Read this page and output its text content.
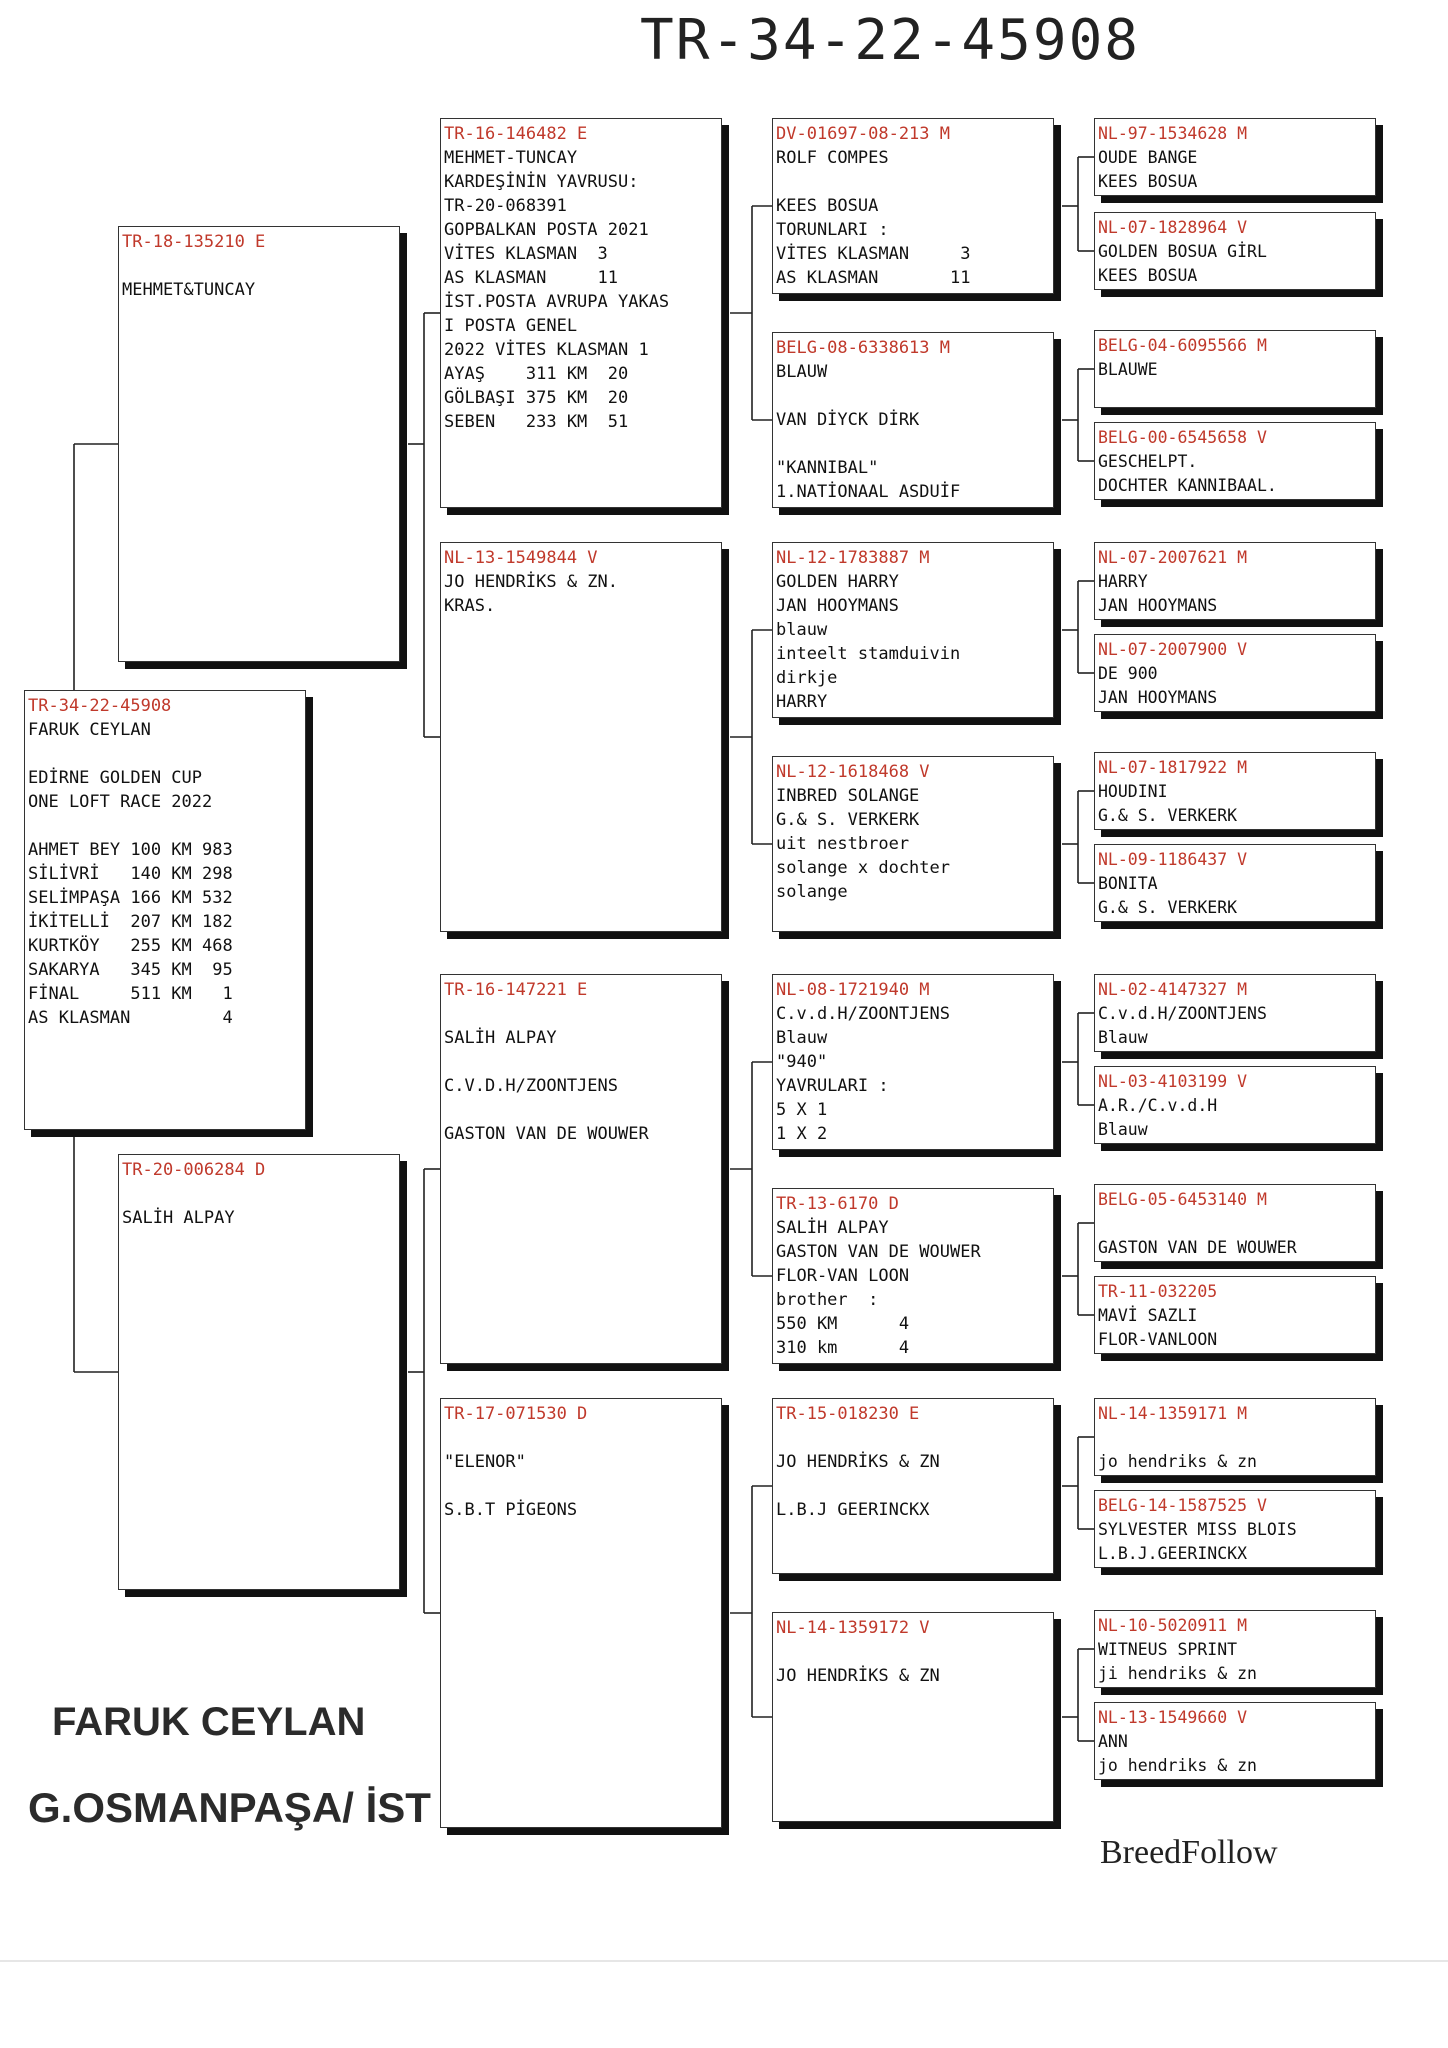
TR-34-22-45908
TR-34-22-45908
FARUK CEYLAN
EDİRNE GOLDEN CUP
ONE LOFT RACE 2022
AHMET BEY 100 KM 983
SİLİVRİ   140 KM 298
SELİMPAŞA 166 KM 532
İKİTELLİ  207 KM 182
KURTKÖY   255 KM 468
SAKARYA   345 KM  95
FİNAL     511 KM   1
AS KLASMAN         4
TR-18-135210 E
MEHMET&TUNCAY
TR-20-006284 D
SALİH ALPAY
TR-16-146482 E
MEHMET-TUNCAY
KARDEŞİNİN YAVRUSU:
TR-20-068391
GOPBALKAN POSTA 2021
VİTES KLASMAN  3
AS KLASMAN     11
İST.POSTA AVRUPA YAKAS
I POSTA GENEL
2022 VİTES KLASMAN 1
AYAŞ    311 KM  20
GÖLBAŞI 375 KM  20
SEBEN   233 KM  51
NL-13-1549844 V
JO HENDRİKS & ZN.
KRAS.
TR-16-147221 E
SALİH ALPAY
C.V.D.H/ZOONTJENS
GASTON VAN DE WOUWER
TR-17-071530 D
"ELENOR"
S.B.T PİGEONS
DV-01697-08-213 M
ROLF COMPES
KEES BOSUA
TORUNLARI :
VİTES KLASMAN     3
AS KLASMAN       11
BELG-08-6338613 M
BLAUW
VAN DİYCK DİRK
"KANNIBAL"
1.NATİONAAL ASDUİF
NL-12-1783887 M
GOLDEN HARRY
JAN HOOYMANS
blauw
inteelt stamduivin
dirkje
HARRY
NL-12-1618468 V
INBRED SOLANGE
G.& S. VERKERK
uit nestbroer
solange x dochter
solange
NL-08-1721940 M
C.v.d.H/ZOONTJENS
Blauw
"940"
YAVRULARI :
5 X 1
1 X 2
TR-13-6170 D
SALİH ALPAY
GASTON VAN DE WOUWER
FLOR-VAN LOON
brother  :
550 KM      4
310 km      4
TR-15-018230 E
JO HENDRİKS & ZN
L.B.J GEERINCKX
NL-14-1359172 V
JO HENDRİKS & ZN
NL-97-1534628 M
OUDE BANGE
KEES BOSUA
NL-07-1828964 V
GOLDEN BOSUA GİRL
KEES BOSUA
BELG-04-6095566 M
BLAUWE
BELG-00-6545658 V
GESCHELPT.
DOCHTER KANNIBAAL.
NL-07-2007621 M
HARRY
JAN HOOYMANS
NL-07-2007900 V
DE 900
JAN HOOYMANS
NL-07-1817922 M
HOUDINI
G.& S. VERKERK
NL-09-1186437 V
BONITA
G.& S. VERKERK
NL-02-4147327 M
C.v.d.H/ZOONTJENS
Blauw
NL-03-4103199 V
A.R./C.v.d.H
Blauw
BELG-05-6453140 M
GASTON VAN DE WOUWER
TR-11-032205
MAVİ SAZLI
FLOR-VANLOON
NL-14-1359171 M
jo hendriks & zn
BELG-14-1587525 V
SYLVESTER MISS BLOIS
L.B.J.GEERINCKX
NL-10-5020911 M
WITNEUS SPRINT
ji hendriks & zn
NL-13-1549660 V
ANN
jo hendriks & zn
FARUK CEYLAN
G.OSMANPAŞA/ İST
BreedFollow
